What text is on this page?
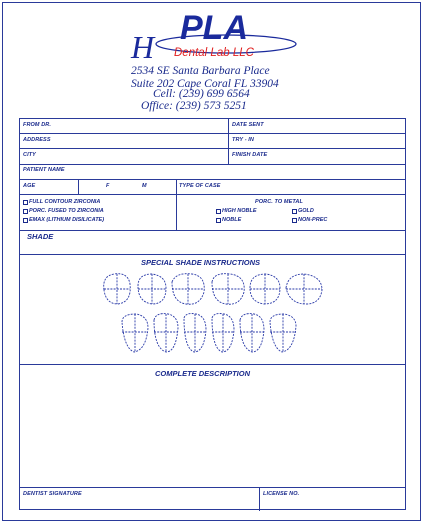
H PLA
Dental Lab LLC
2534 SE Santa Barbara Place
Suite 202 Cape Coral FL 33904
Cell: (239) 699 6564
Office: (239) 573 5251
FROM DR.	DATE SENT
ADDRESS	TRY - IN
CITY	FINISH DATE
PATIENT NAME
AGE	F	M	TYPE OF CASE
FULL CONTOUR ZIRCONIA
PORC. FUSED TO ZIRCONIA
EMAX (LITHIUM DISILICATE)
PORC. TO METAL
HIGH NOBLE	GOLD
NOBLE	NON-PREC
SHADE
SPECIAL SHADE INSTRUCTIONS
COMPLETE DESCRIPTION
DENTIST SIGNATURE	LICENSE NO.
